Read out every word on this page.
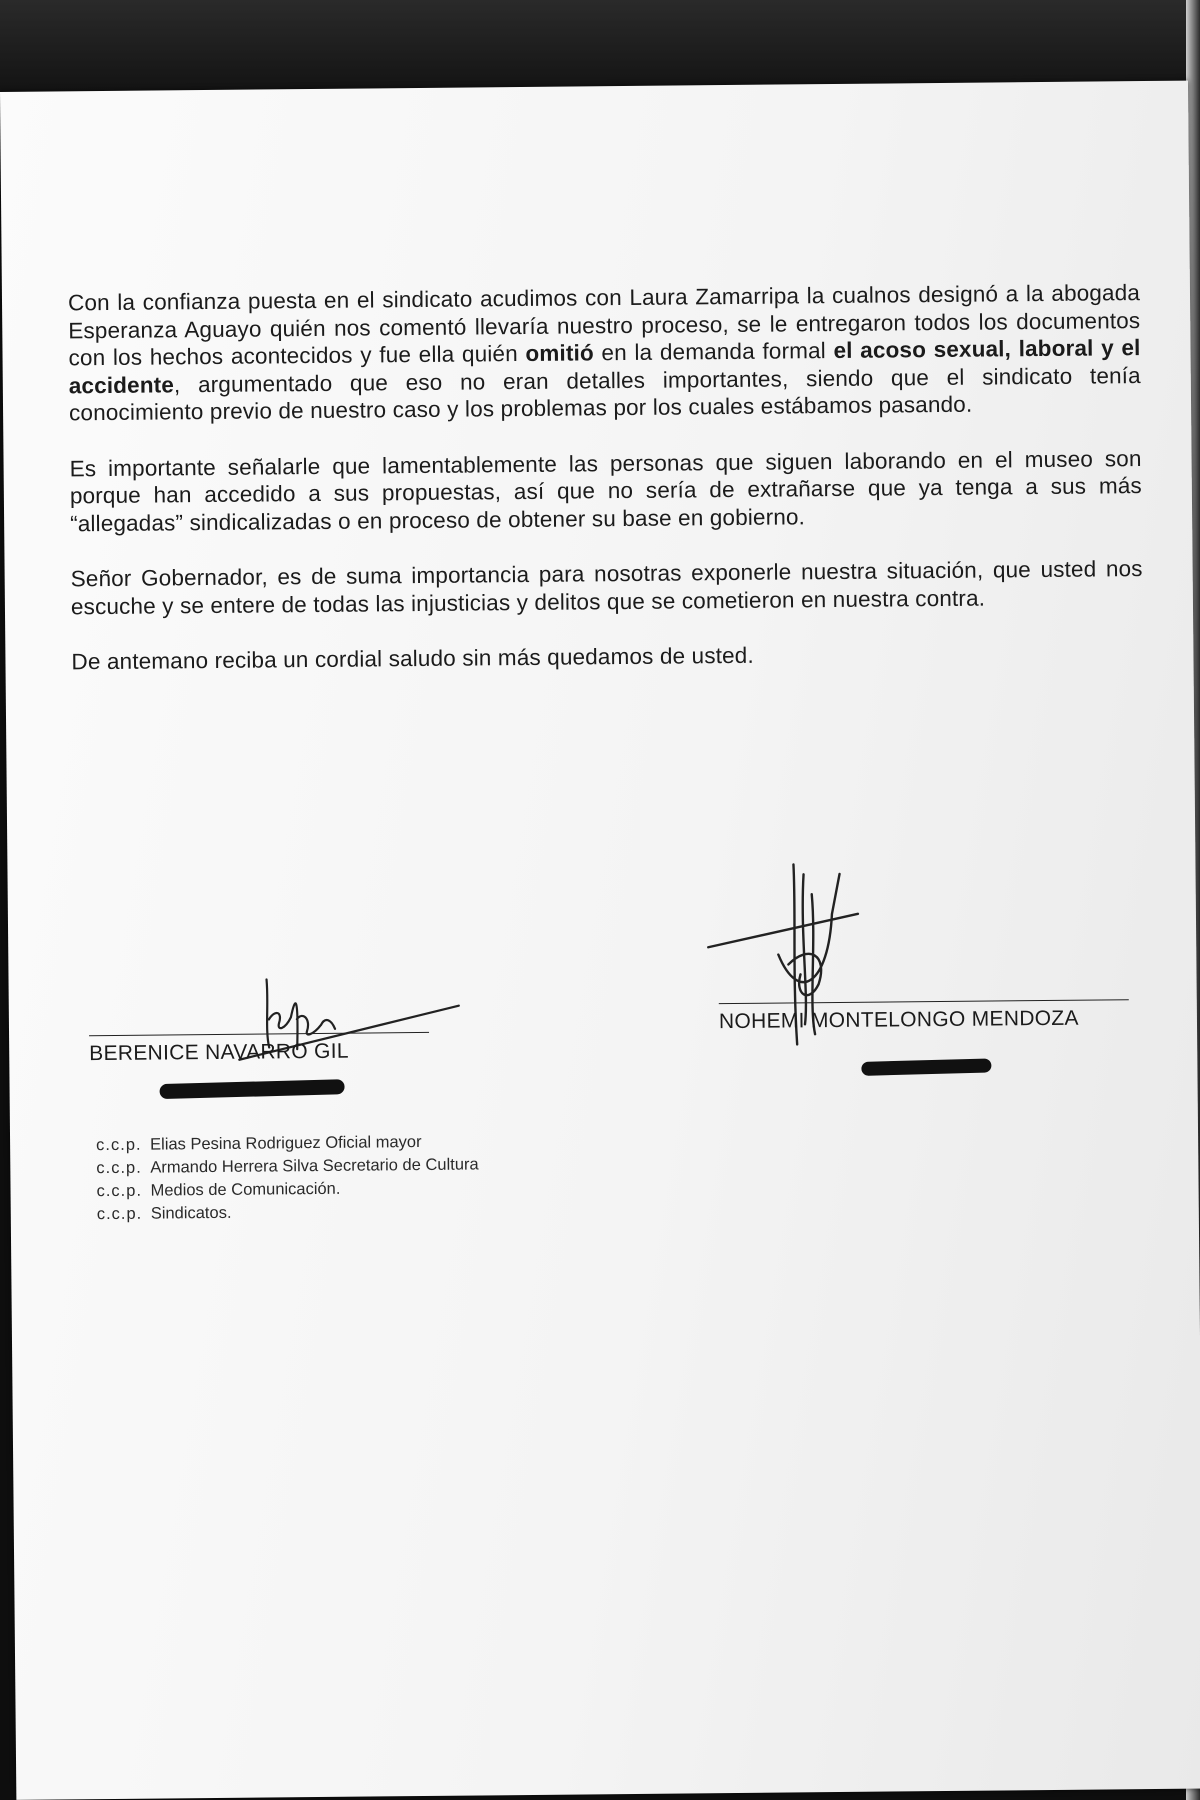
Con la confianza puesta en el sindicato acudimos con Laura Zamarripa la cualnos designó a la abogada Esperanza Aguayo quién nos comentó llevaría nuestro proceso, se le entregaron todos los documentos con los hechos acontecidos y fue ella quién omitió en la demanda formal el acoso sexual, laboral y el accidente, argumentado que eso no eran detalles importantes, siendo que el sindicato tenía conocimiento previo de nuestro caso y los problemas por los cuales estábamos pasando.

Es importante señalarle que lamentablemente las personas que siguen laborando en el museo son porque han accedido a sus propuestas, así que no sería de extrañarse que ya tenga a sus más “allegadas” sindicalizadas o en proceso de obtener su base en gobierno.

Señor Gobernador, es de suma importancia para nosotras exponerle nuestra situación, que usted nos escuche y se entere de todas las injusticias y delitos que se cometieron en nuestra contra.

De antemano reciba un cordial saludo sin más quedamos de usted.

BERENICE NAVARRO GIL
NOHEMI MONTELONGO MENDOZA
c.c.p. Elias Pesina Rodriguez Oficial mayor
c.c.p. Armando Herrera Silva Secretario de Cultura
c.c.p. Medios de Comunicación.
c.c.p. Sindicatos.
